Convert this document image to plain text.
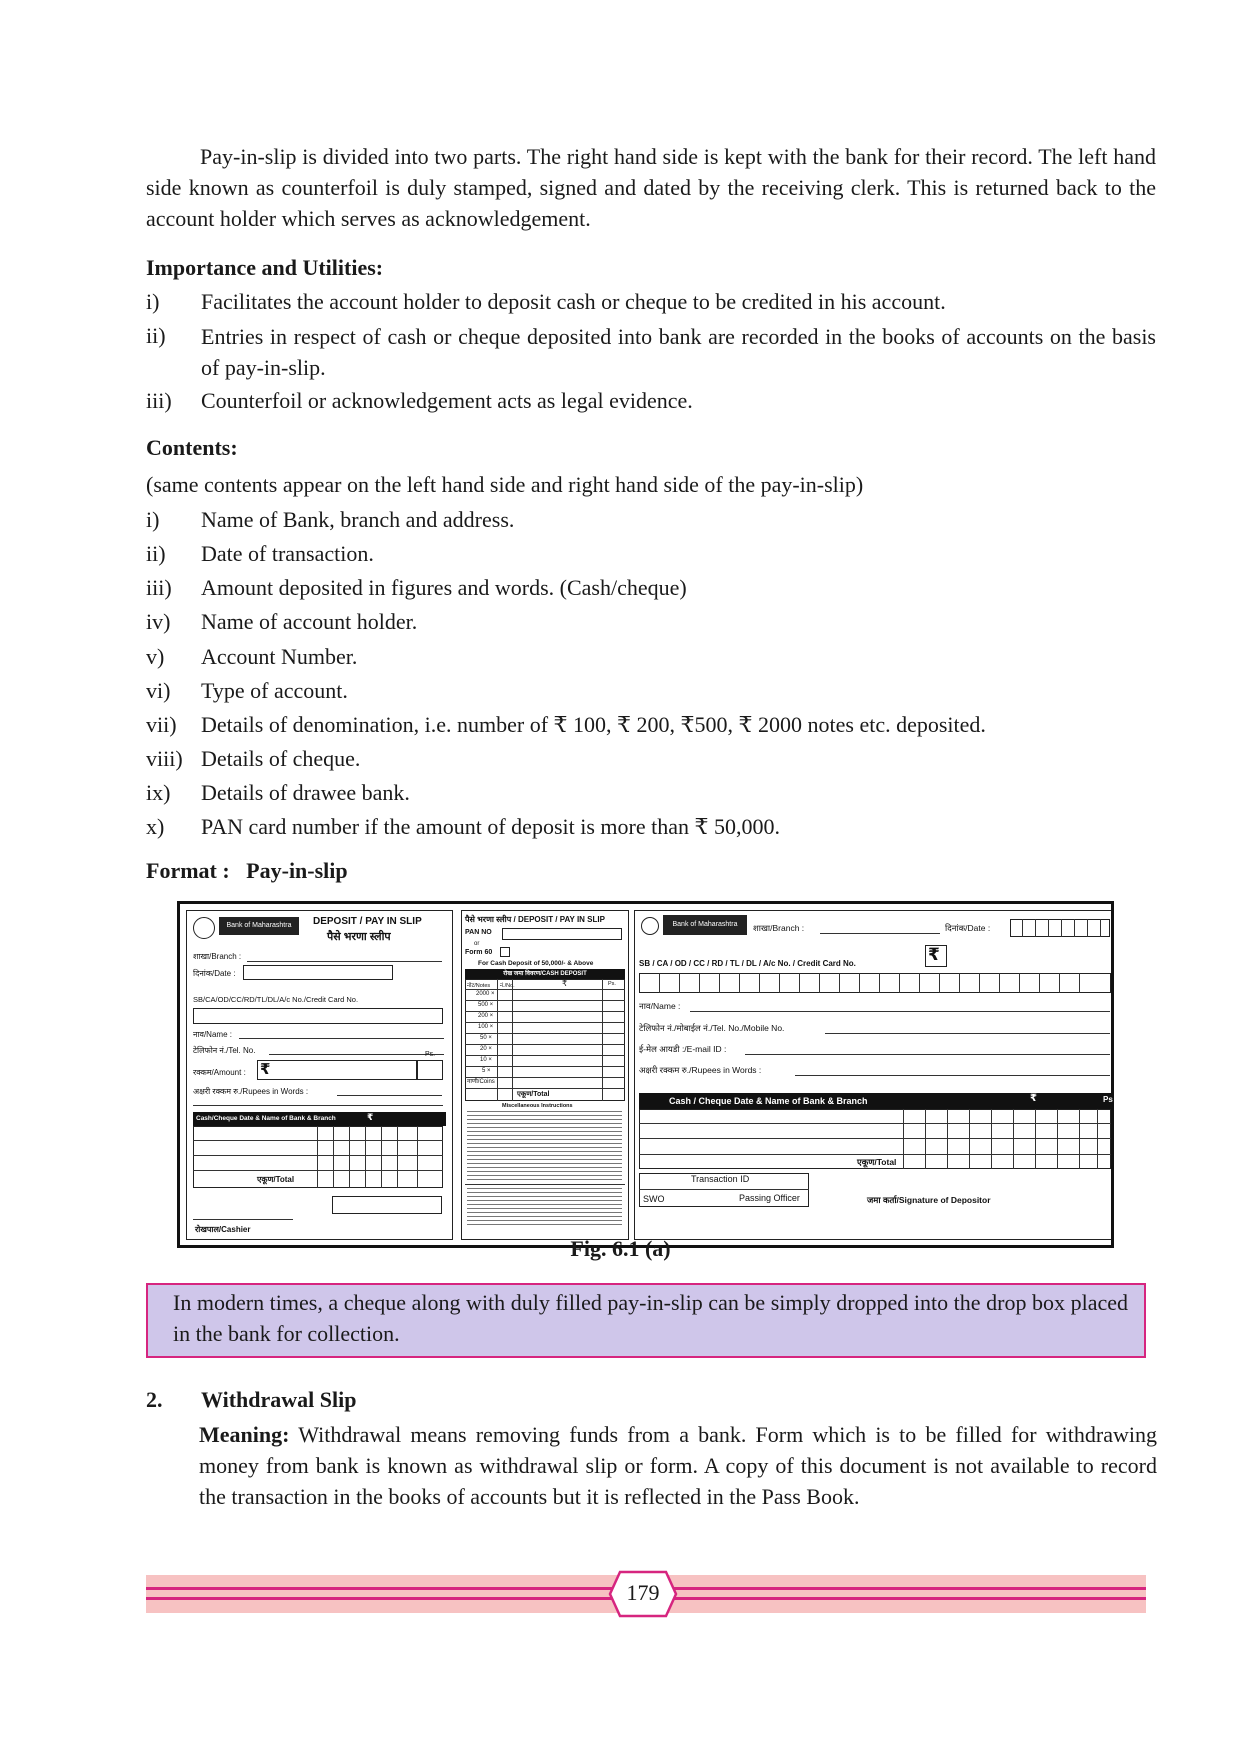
Pay-in-slip is divided into two parts. The right hand side is kept with the bank for their record. The left hand side known as counterfoil is duly stamped, signed and dated by the receiving clerk. This is returned back to the account holder which serves as acknowledgement.
Importance and Utilities:
i) Facilitates the account holder to deposit cash or cheque to be credited in his account.
ii) Entries in respect of cash or cheque deposited into bank are recorded in the books of accounts on the basis of pay-in-slip.
iii) Counterfoil or acknowledgement acts as legal evidence.
Contents:
(same contents appear on the left hand side and right hand side of the pay-in-slip)
i) Name of Bank, branch and address.
ii) Date of transaction.
iii) Amount deposited in figures and words. (Cash/cheque)
iv) Name of account holder.
v) Account Number.
vi) Type of account.
vii) Details of denomination, i.e. number of ₹ 100, ₹ 200, ₹500, ₹ 2000 notes etc. deposited.
viii) Details of cheque.
ix) Details of drawee bank.
x) PAN card number if the amount of deposit is more than ₹ 50,000.
Format :   Pay-in-slip
Bank of Maharashtra	DEPOSIT / PAY IN SLIP
पैसे भरणा स्लीप
शाखा/Branch :
दिनांक/Date :
SB/CA/OD/CC/RD/TL/DL/A/c No./Credit Card No.
नाव/Name :
टेलिफोन नं./Tel. No.	Ps.
रक्कम/Amount : ₹
अक्षरी रक्कम रु./Rupees in Words :
Cash/Cheque Date & Name of Bank & Branch	₹
एकूण/Total
रोखपाल/Cashier
पैसे भरणा स्लीप / DEPOSIT / PAY IN SLIP
PAN NO
or
Form 60
For Cash Deposit of 50,000/- & Above
रोख जमा विवरण/CASH DEPOSIT
नोट/Notes नं./No.	₹	Ps.
2000 ×
500 ×
200 ×
100 ×
50 ×
20 ×
10 ×
5 ×
नाणी/Coins
एकूण/Total
Miscellaneous Instructions
Bank of Maharashtra	शाखा/Branch :	दिनांक/Date :
SB / CA / OD / CC / RD / TL / DL / A/c No. / Credit Card No.	₹
नाव/Name :
टेलिफोन नं./मोबाईल नं./Tel. No./Mobile No.
ई-मेल आयडी :/E-mail ID :
अक्षरी रक्कम रु./Rupees in Words :
Cash / Cheque Date & Name of Bank & Branch	₹	Ps
एकूण/Total
Transaction ID
SWO	Passing Officer	जमा कर्ता/Signature of Depositor
Fig. 6.1 (a)
In modern times, a cheque along with duly filled pay-in-slip can be simply dropped into the drop box placed in the bank for collection.
2. Withdrawal Slip
Meaning: Withdrawal means removing funds from a bank. Form which is to be filled for withdrawing money from bank is known as withdrawal slip or form. A copy of this document is not available to record the transaction in the books of accounts but it is reflected in the Pass Book.
179
